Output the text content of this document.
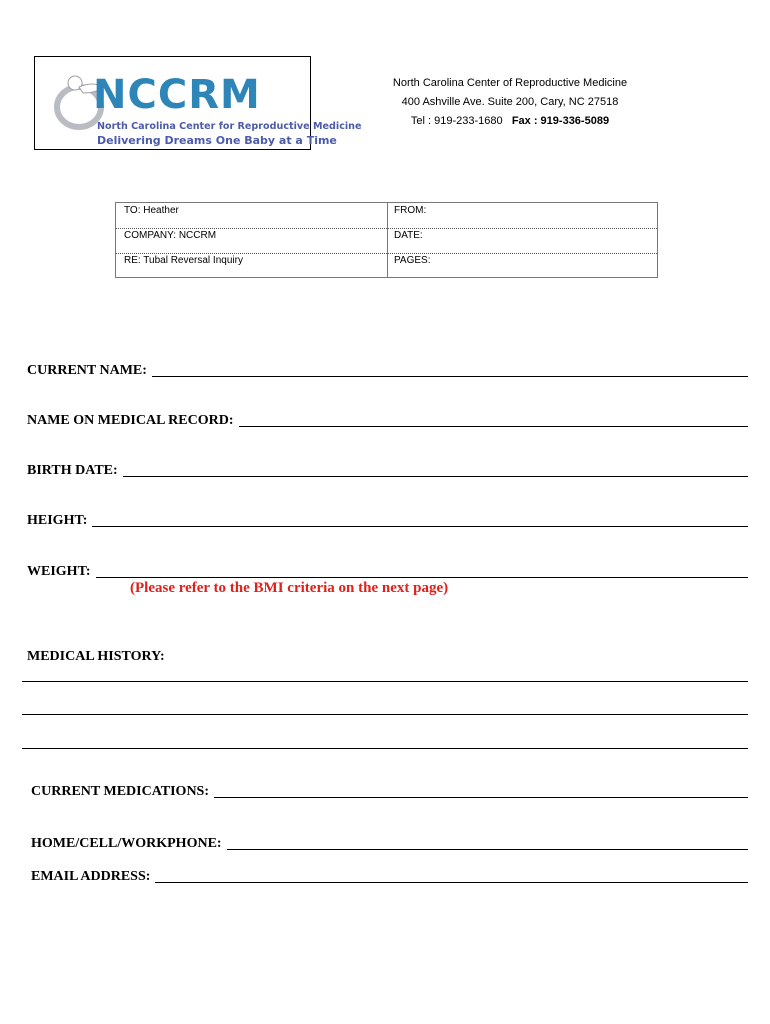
NCCRM
North Carolina Center for Reproductive Medicine
Delivering Dreams One Baby at a Time
North Carolina Center of Reproductive Medicine
400 Ashville Ave. Suite 200, Cary, NC 27518
Tel : 919-233-1680 Fax : 919-336-5089
TO: Heather	FROM:
COMPANY: NCCRM	DATE:
RE: Tubal Reversal Inquiry	PAGES:
CURRENT NAME:
NAME ON MEDICAL RECORD:
BIRTH DATE:
HEIGHT:
WEIGHT:
(Please refer to the BMI criteria on the next page)
MEDICAL HISTORY:
CURRENT MEDICATIONS:
HOME/CELL/WORKPHONE:
EMAIL ADDRESS:
